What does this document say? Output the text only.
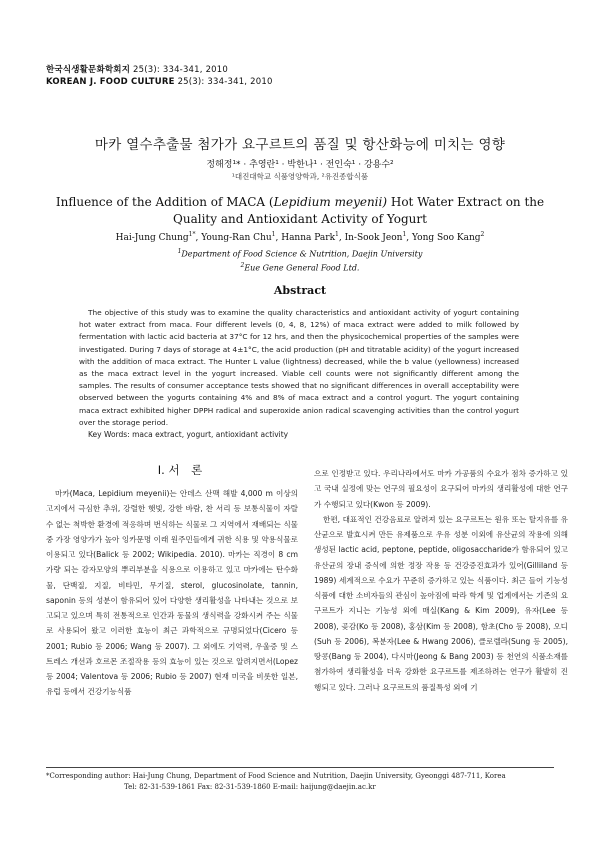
한국식생활문화학회지 25(3): 334-341, 2010
KOREAN J. FOOD CULTURE 25(3): 334-341, 2010
마카 열수추출물 첨가가 요구르트의 품질 및 항산화능에 미치는 영향
정해정¹* · 추영란¹ · 박한나¹ · 전인숙¹ · 강용수²
¹대진대학교 식품영양학과, ²유진종합식품
Influence of the Addition of MACA (Lepidium meyenii) Hot Water Extract on the
Quality and Antioxidant Activity of Yogurt
Hai-Jung Chung$^{1*}$, Young-Ran Chu$^1$, Hanna Park$^1$, In-Sook Jeon$^1$, Yong Soo Kang$^2$
$^1$Department of Food Science & Nutrition, Daejin University
$^2$Eue Gene General Food Ltd.
Abstract

The objective of this study was to examine the quality characteristics and antioxidant activity of yogurt containing hot water extract from maca. Four different levels (0, 4, 8, 12%) of maca extract were added to milk followed by fermentation with lactic acid bacteria at 37°C for 12 hrs, and then the physicochemical properties of the samples were investigated. During 7 days of storage at 4±1°C, the acid production (pH and titratable acidity) of the yogurt increased with the addition of maca extract. The Hunter L value (lightness) decreased, while the b value (yellowness) increased as the maca extract level in the yogurt increased. Viable cell counts were not significantly different among the samples. The results of consumer acceptance tests showed that no significant differences in overall acceptability were observed between the yogurts containing 4% and 8% of maca extract and a control yogurt. The yogurt containing maca extract exhibited higher DPPH radical and superoxide anion radical scavenging activities than the control yogurt over the storage period.

Key Words: maca extract, yogurt, antioxidant activity
I. 서　론

마카(Maca, Lepidium meyenii)는 안데스 산맥 해발 4,000 m 이상의 고지에서 극심한 추위, 강렬한 햇빛, 강한 바람, 찬 서리 등 보통식물이 자랄 수 없는 척박한 환경에 적응하며 번식하는 식물로 그 지역에서 재배되는 식물 중 가장 영양가가 높아 잉카문명 이래 원주민들에게 귀한 식용 및 약용식물로 이용되고 있다(Balick 등 2002; Wikipedia. 2010). 마카는 직경이 8 cm 가량 되는 감자모양의 뿌리부분을 식용으로 이용하고 있고 마카에는 탄수화물, 단백질, 지질, 비타민, 무기질, sterol, glucosinolate, tannin, saponin 등의 성분이 함유되어 있어 다양한 생리활성을 나타내는 것으로 보고되고 있으며 특히 전통적으로 인간과 동물의 생식력을 강화시켜 주는 식물로 사용되어 왔고 이러한 효능이 최근 과학적으로 규명되었다(Cicero 등 2001; Rubio 등 2006; Wang 등 2007). 그 외에도 기억력, 우울증 및 스트레스 개선과 호르몬 조절작용 등의 효능이 있는 것으로 알려지면서(Lopez 등 2004; Valentova 등 2006; Rubio 등 2007) 현재 미국을 비롯한 일본, 유럽 등에서 건강기능식품

으로 인정받고 있다. 우리나라에서도 마카 가공품의 수요가 점차 증가하고 있고 국내 실정에 맞는 연구의 필요성이 요구되어 마카의 생리활성에 대한 연구가 수행되고 있다(Kwon 등 2009).

한편, 대표적인 건강음료로 알려져 있는 요구르트는 원유 또는 탈지유를 유산균으로 발효시켜 만든 유제품으로 우유 성분 이외에 유산균의 작용에 의해 생성된 lactic acid, peptone, peptide, oligosaccharide가 함유되어 있고 유산균의 장내 증식에 의한 정장 작용 등 건강증진효과가 있어(Gilliland 등 1989) 세계적으로 수요가 꾸준히 증가하고 있는 식품이다. 최근 들어 기능성 식품에 대한 소비자들의 관심이 높아짐에 따라 학계 및 업계에서는 기존의 요구르트가 지니는 기능성 외에 매실(Kang & Kim 2009), 유자(Lee 등 2008), 곶감(Ko 등 2008), 홍삼(Kim 등 2008), 함초(Cho 등 2008), 오디(Suh 등 2006), 복분자(Lee & Hwang 2006), 클로렐라(Sung 등 2005), 땅콩(Bang 등 2004), 다시마(Jeong & Bang 2003) 등 천연의 식품소재를 첨가하여 생리활성을 더욱 강화한 요구르트를 제조하려는 연구가 활발히 진행되고 있다. 그러나 요구르트의 품질특성 외에 기

*Corresponding author: Hai-Jung Chung, Department of Food Science and Nutrition, Daejin University, Gyeonggi 487-711, Korea
Tel: 82-31-539-1861 Fax: 82-31-539-1860 E-mail: haijung@daejin.ac.kr
